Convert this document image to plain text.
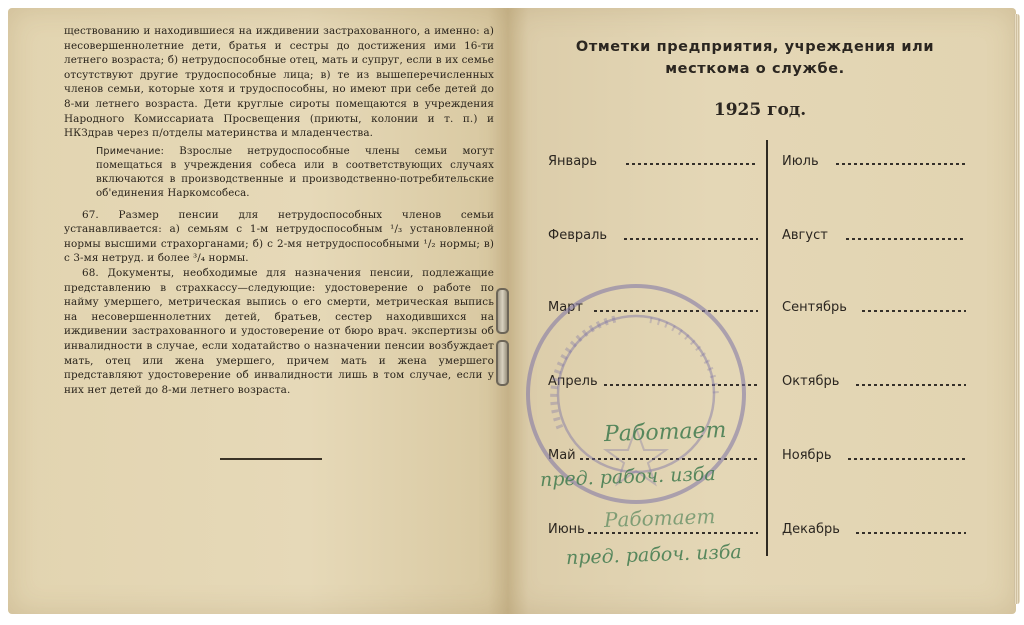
ществованию и находившиеся на иждивении застрахованного, а именно: а) несовершеннолетние дети, братья и сестры до достижения ими 16-ти летнего возраста; б) нетрудоспособные отец, мать и супруг, если в их семье отсутствуют другие трудоспособные лица; в) те из вышеперечисленных членов семьи, которые хотя и трудоспособны, но имеют при себе детей до 8-ми летнего возраста. Дети круглые сироты помещаются в учреждения Народного Комиссариата Просвещения (приюты, колонии и т. п.) и НКЗдрав через п/отделы материнства и младенчества.

Примечание: Взрослые нетрудоспособные члены семьи могут помещаться в учреждения собеса или в соответствующих случаях включаются в производственные и производственно-потребительские об'единения Наркомсобеса.

67. Размер пенсии для нетрудоспособных членов семьи устанавливается: а) семьям с 1-м нетрудоспособным ¹/₃ установленной нормы высшими страхорганами; б) с 2-мя нетрудоспособными ¹/₂ нормы; в) с 3-мя нетруд. и более ³/₄ нормы.

68. Документы, необходимые для назначения пенсии, подлежащие представлению в страхкассу—следующие: удостоверение о работе по найму умершего, метрическая выпись о его смерти, метрическая выпись на несовершеннолетних детей, братьев, сестер находившихся на иждивении застрахованного и удостоверение от бюро врач. экспертизы об инвалидности в случае, если ходатайство о назначении пенсии возбуждает мать, отец или жена умершего, причем мать и жена умершего представляют удостоверение об инвалидности лишь в том случае, если у них нет детей до 8-ми летнего возраста.

Отметки предприятия, учреждения или месткома о службе.
1925 год.
Январь
Февраль
Март
Апрель
Май
Июнь
Июль
Август
Сентябрь
Октябрь
Ноябрь
Декабрь
Работает
пред. рабоч. изба
Работает
пред. рабоч. изба
